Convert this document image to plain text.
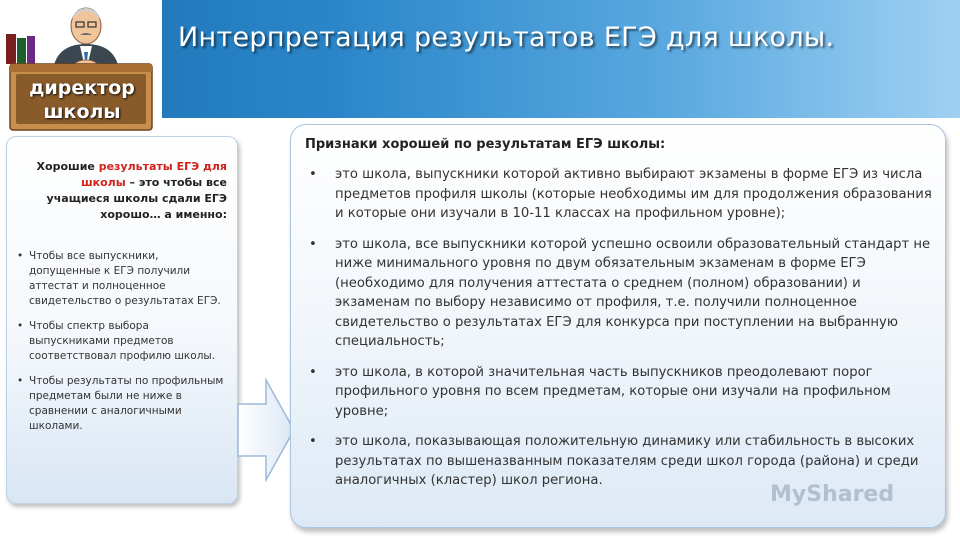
Интерпретация результатов ЕГЭ для школы.
директор школы
Хорошие результаты ЕГЭ для школы – это чтобы все учащиеся школы сдали ЕГЭ хорошо… а именно:
• Чтобы все выпускники, допущенные к ЕГЭ получили аттестат и полноценное свидетельство о результатах ЕГЭ.
• Чтобы спектр выбора выпускниками предметов соответствовал профилю школы.
• Чтобы результаты по профильным предметам были не ниже в сравнении с аналогичными школами.
Признаки хорошей по результатам ЕГЭ школы:
• это школа, выпускники которой активно выбирают экзамены в форме ЕГЭ из числа предметов профиля школы (которые необходимы им для продолжения образования и которые они изучали в 10-11 классах на профильном уровне);
• это школа, все выпускники которой успешно освоили образовательный стандарт не ниже минимального уровня по двум обязательным экзаменам в форме ЕГЭ (необходимо для получения аттестата о среднем (полном) образовании) и экзаменам по выбору независимо от профиля, т.е. получили полноценное свидетельство о результатах ЕГЭ для конкурса при поступлении на выбранную специальность;
• это школа, в которой значительная часть выпускников преодолевают порог профильного уровня по всем предметам, которые они изучали на профильном уровне;
• это школа, показывающая положительную динамику или стабильность в высоких результатах по вышеназванным показателям среди школ города (района) и среди аналогичных (кластер) школ региона.
MyShared
